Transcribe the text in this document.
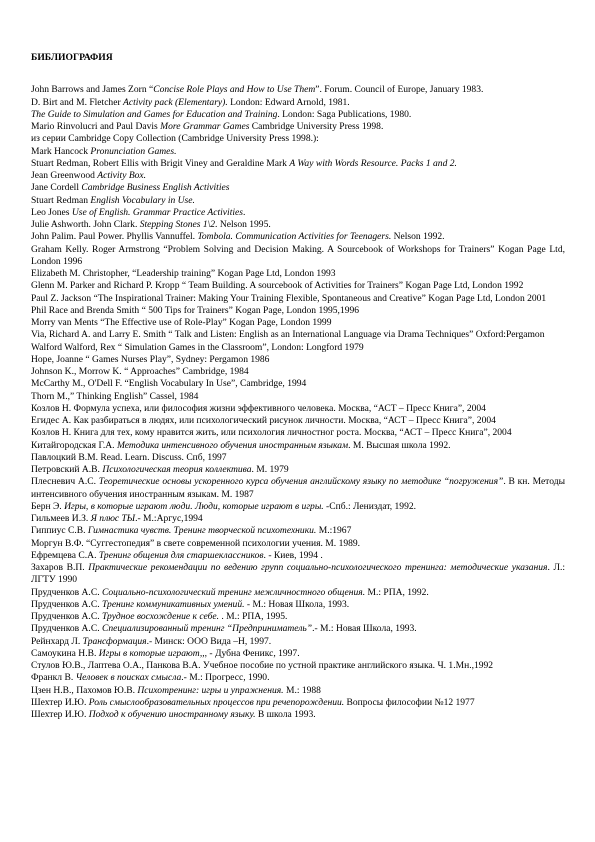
БИБЛИОГРАФИЯ

John Barrows and James Zorn “Concise Role Plays and How to Use Them”. Forum. Council of Europe, January 1983.

D. Birt and M. Fletcher Activity pack (Elementary). London: Edward Arnold, 1981.

The Guide to Simulation and Games for Education and Training. London: Saga Publications, 1980.

Mario Rinvolucri and Paul Davis More Grammar Games Cambridge University Press 1998.

из серии Cambridge Copy Collection (Cambridge University Press 1998.):

Mark Hancock Pronunciation Games.

Stuart Redman, Robert Ellis with Brigit Viney and Geraldine Mark A Way with Words Resource. Packs 1 and 2.

Jean Greenwood Activity Box.

Jane Cordell Cambridge Business English Activities

Stuart Redman English Vocabulary in Use.

Leo Jones Use of English. Grammar Practice Activities.

Julie Ashworth. John Clark. Stepping Stones 1\2. Nelson 1995.

John Palim. Paul Power. Phyllis Vannuffel. Tombola. Communication Activities for Teenagers. Nelson 1992.

Graham Kelly. Roger Armstrong “Problem Solving and Decision Making. A Sourcebook of Workshops for Trainers” Kogan Page Ltd, London 1996

Elizabeth M. Christopher, “Leadership training” Kogan Page Ltd, London 1993

Glenn M. Parker and Richard P. Kropp “ Team Building. A sourcebook of Activities for Trainers” Kogan Page Ltd, London 1992

Paul Z. Jackson “The Inspirational Trainer: Making Your Training Flexible, Spontaneous and Creative” Kogan Page Ltd, London 2001

Phil Race and Brenda Smith “ 500 Tips for Trainers” Kogan Page, London 1995,1996

Morry van Ments “The Effective use of Role-Play” Kogan Page, London 1999

Via, Richard A. and Larry E. Smith “ Talk and Listen: English as an International Language via Drama Techniques” Oxford:Pergamon

Walford Walford, Rex “ Simulation Games in the Classroom”, London: Longford 1979

Hope, Joanne “ Games Nurses Play”, Sydney: Pergamon 1986

Johnson K., Morrow K. “ Approaches” Cambridge, 1984

McCarthy M., O'Dell F. “English Vocabulary In Use”, Cambridge, 1994

Thorn M.,” Thinking English” Cassel, 1984

Козлов Н. Формула успеха, или философия жизни эффективного человека. Москва, “АСТ – Пресс Книга”, 2004

Егидес А. Как разбираться в людях, или психологический рисунок личности. Москва, “АСТ – Пресс Книга”, 2004

Козлов Н. Книга для тех, кому нравится жить, или психология личностног роста. Москва, “АСТ – Пресс Книга”, 2004

Китайгородская Г.А. Методика интенсивного обучения иностранным языкам. М. Высшая школа 1992.

Павлоцкий В.М. Read. Learn. Discuss. Спб, 1997

Петровский А.В. Психологическая теория коллектива. М. 1979

Плесневич А.С. Теоретические основы ускоренного курса обучения английскому языку по методике “погружения”. В кн. Методы интенсивного обучения иностранным языкам. М. 1987

Берн Э. Игры, в которые играют люди. Люди, которые играют в игры. -Спб.: Лениздат, 1992.

Гильмеев И.З. Я плюс ТЫ.- М.:Аргус,1994

Гиппиус С.В. Гимнастика чувств. Тренинг творческой психотехники. М.:1967

Моргун В.Ф. “Суггестопедия” в свете современной психологии учения. М. 1989.

Ефремцева С.А. Тренинг общения для старшеклассников. - Киев, 1994 .

Захаров В.П. Практические рекомендации по ведению групп социально-психологического тренинга: методические указания. Л.: ЛГТУ 1990

Прудченков А.С. Социально-психологический тренинг межличностного общения. М.: РПА, 1992.

Прудченков А.С. Тренинг коммуникативных умений. - М.: Новая Школа, 1993.

Прудченков А.С. Трудное восхождение к себе. . М.: РПА, 1995.

Прудченков А.С. Специализированный тренинг “Предприниматель”.- М.: Новая Школа, 1993.

Рейнхард Л. Трансформация.- Минск: ООО Вида –Н, 1997.

Самоукина Н.В. Игры в которые играют,,, - Дубна Феникс, 1997.

Стулов Ю.В., Лаптева О.А., Панкова В.А. Учебное пособие по устной практике английского языка. Ч. 1.Мн.,1992

Франкл В. Человек в поисках смысла.- М.: Прогресс, 1990.

Цзен Н.В., Пахомов Ю.В. Психотренинг: игры и упражнения. М.: 1988

Шехтер И.Ю. Роль смыслообразовательных процессов при речепорождении. Вопросы философии №12 1977

Шехтер И.Ю. Подход к обучению иностранному языку. В школа 1993.
